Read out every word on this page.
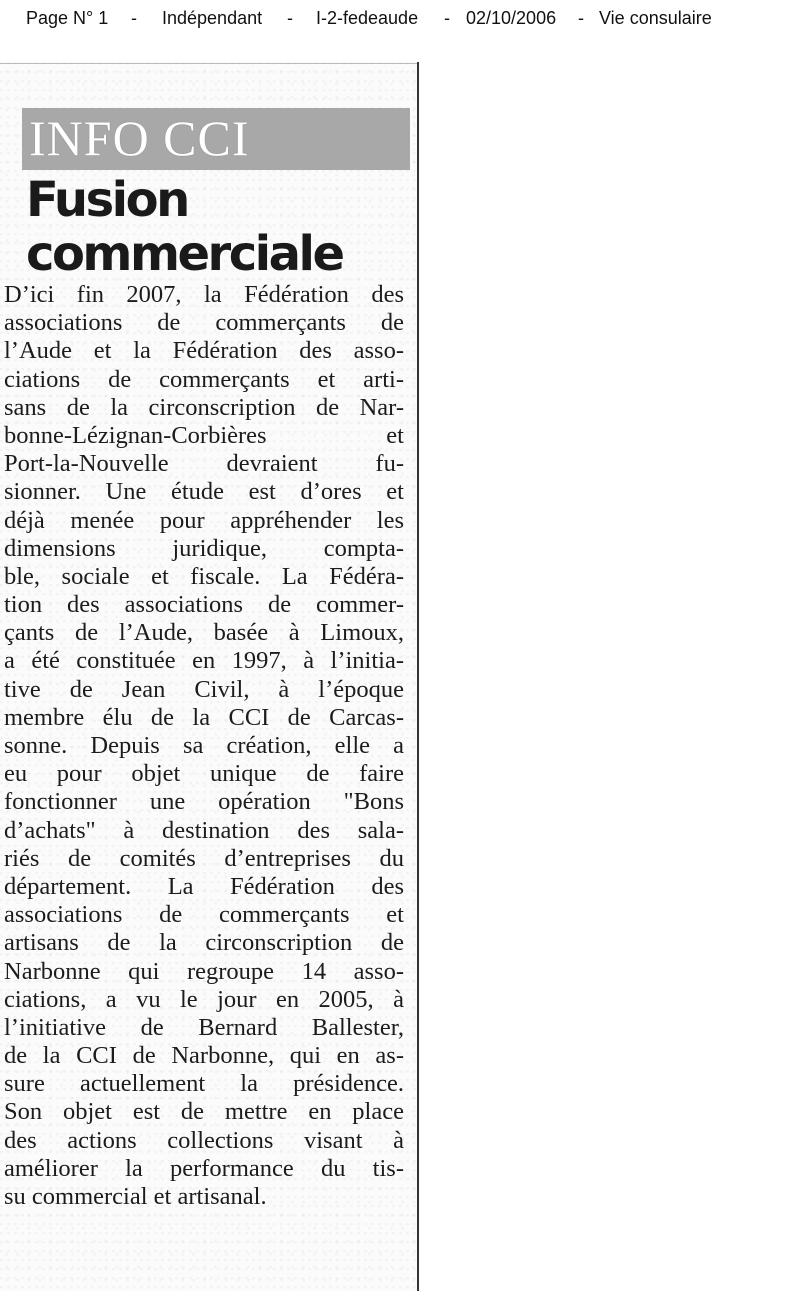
Page N° 1

-

Indépendant

-

I-2-fedeaude

-

02/10/2006

-

Vie consulaire

INFO CCI
Fusion
commerciale
D’ici fin 2007, la Fédération des
associations de commerçants de
l’Aude et la Fédération des asso-
ciations de commerçants et arti-
sans de la circonscription de Nar-
bonne-Lézignan-Corbières et
Port-la-Nouvelle devraient fu-
sionner. Une étude est d’ores et
déjà menée pour appréhender les
dimensions juridique, compta-
ble, sociale et fiscale. La Fédéra-
tion des associations de commer-
çants de l’Aude, basée à Limoux,
a été constituée en 1997, à l’initia-
tive de Jean Civil, à l’époque
membre élu de la CCI de Carcas-
sonne. Depuis sa création, elle a
eu pour objet unique de faire
fonctionner une opération "Bons
d’achats" à destination des sala-
riés de comités d’entreprises du
département. La Fédération des
associations de commerçants et
artisans de la circonscription de
Narbonne qui regroupe 14 asso-
ciations, a vu le jour en 2005, à
l’initiative de Bernard Ballester,
de la CCI de Narbonne, qui en as-
sure actuellement la présidence.
Son objet est de mettre en place
des actions collections visant à
améliorer la performance du tis-
su commercial et artisanal.
